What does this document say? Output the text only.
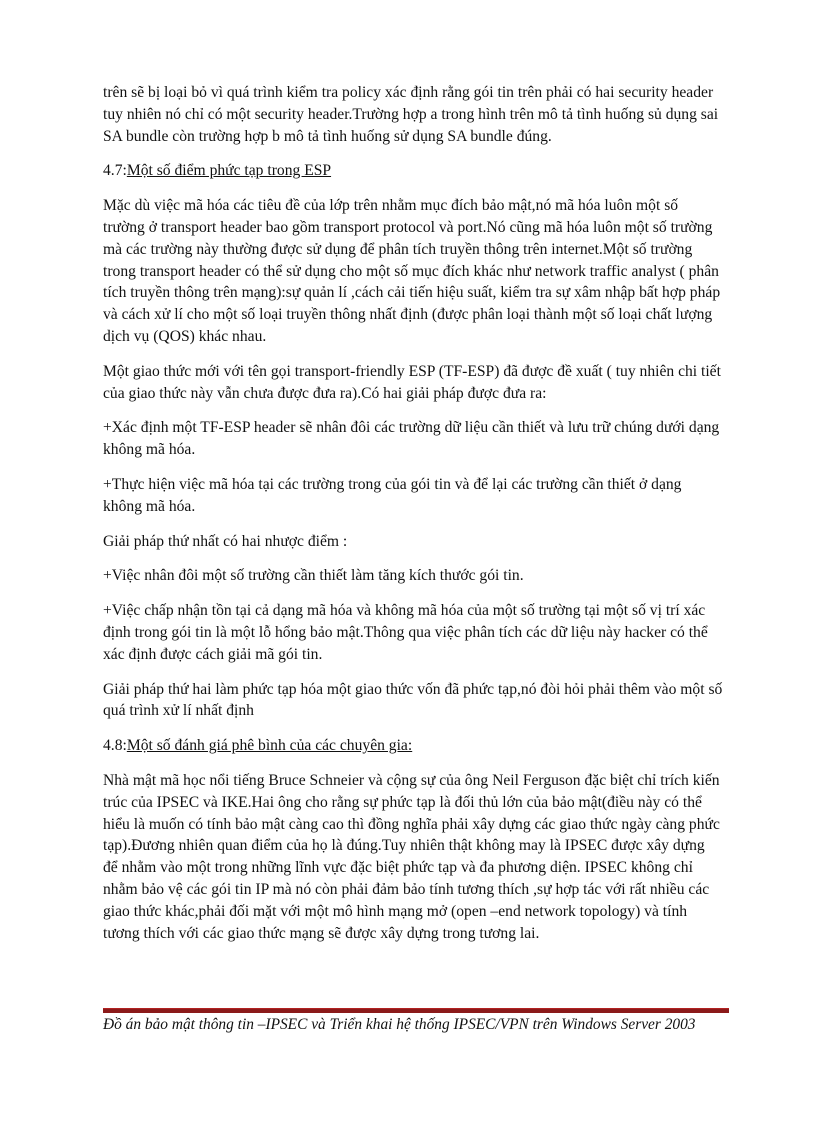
trên sẽ bị loại bỏ vì quá trình kiểm tra policy xác định rằng gói tin trên phải có hai security header tuy nhiên nó chỉ có một security header.Trường hợp a trong hình trên mô tả tình huống sủ dụng sai SA bundle còn trường hợp b mô tả tình huống sử dụng SA bundle đúng.

4.7:Một số điểm phức tạp trong ESP

Mặc dù việc mã hóa các tiêu đề của lớp trên nhằm mục đích bảo mật,nó mã hóa luôn một số trường ở transport header bao gồm transport protocol và port.Nó cũng mã hóa luôn một số trường mà các trường này thường được sử dụng để phân tích truyền thông trên internet.Một số trường trong transport header có thể sử dụng cho một số mục đích khác như network traffic analyst ( phân tích truyền thông trên mạng):sự quản lí ,cách cải tiến hiệu suất, kiểm tra sự xâm nhập bất hợp pháp và cách xử lí cho một số loại truyền thông nhất định (được phân loại thành một số loại chất lượng dịch vụ (QOS) khác nhau.

Một giao thức mới với tên gọi transport-friendly ESP (TF-ESP) đã được đề xuất ( tuy nhiên chi tiết của giao thức này vẫn chưa được đưa ra).Có hai giải pháp được đưa ra:

+Xác định một TF-ESP header sẽ nhân đôi các trường dữ liệu cần thiết và lưu trữ chúng dưới dạng không mã hóa.

+Thực hiện việc mã hóa tại các trường trong của gói tin và để lại các trường cần thiết ở dạng không mã hóa.

Giải pháp thứ nhất có hai nhược điểm :

+Việc nhân đôi một số trường cần thiết làm tăng kích thước gói tin.

+Việc chấp nhận tồn tại cả dạng mã hóa và không mã hóa của một số trường tại một số vị trí xác định trong gói tin là một lỗ hổng bảo mật.Thông qua việc phân tích các dữ liệu này hacker có thể xác định được cách giải mã gói tin.

Giải pháp thứ hai làm phức tạp hóa một giao thức vốn đã phức tạp,nó đòi hỏi phải thêm vào một số quá trình xử lí nhất định

4.8:Một số đánh giá phê bình của các chuyên gia:

Nhà mật mã học nổi tiếng Bruce Schneier và cộng sự của ông Neil Ferguson đặc biệt chỉ trích kiến trúc của IPSEC và IKE.Hai ông cho rằng sự phức tạp là đối thủ lớn của bảo mật(điều này có thể hiểu là muốn có tính bảo mật càng cao thì đồng nghĩa phải xây dựng các giao thức ngày càng phức tạp).Đương nhiên quan điểm của họ là đúng.Tuy nhiên thật không may là IPSEC được xây dựng để nhằm vào một trong những lĩnh vực đặc biệt phức tạp và đa phương diện. IPSEC không chỉ nhằm bảo vệ các gói tin IP mà nó còn phải đảm bảo tính tương thích ,sự hợp tác với rất nhiều các giao thức khác,phải đối mặt với một mô hình mạng mở (open –end network topology) và tính tương thích với các giao thức mạng sẽ được xây dựng trong tương lai.

Đồ án bảo mật thông tin –IPSEC và Triển khai hệ thống IPSEC/VPN trên Windows Server 2003
